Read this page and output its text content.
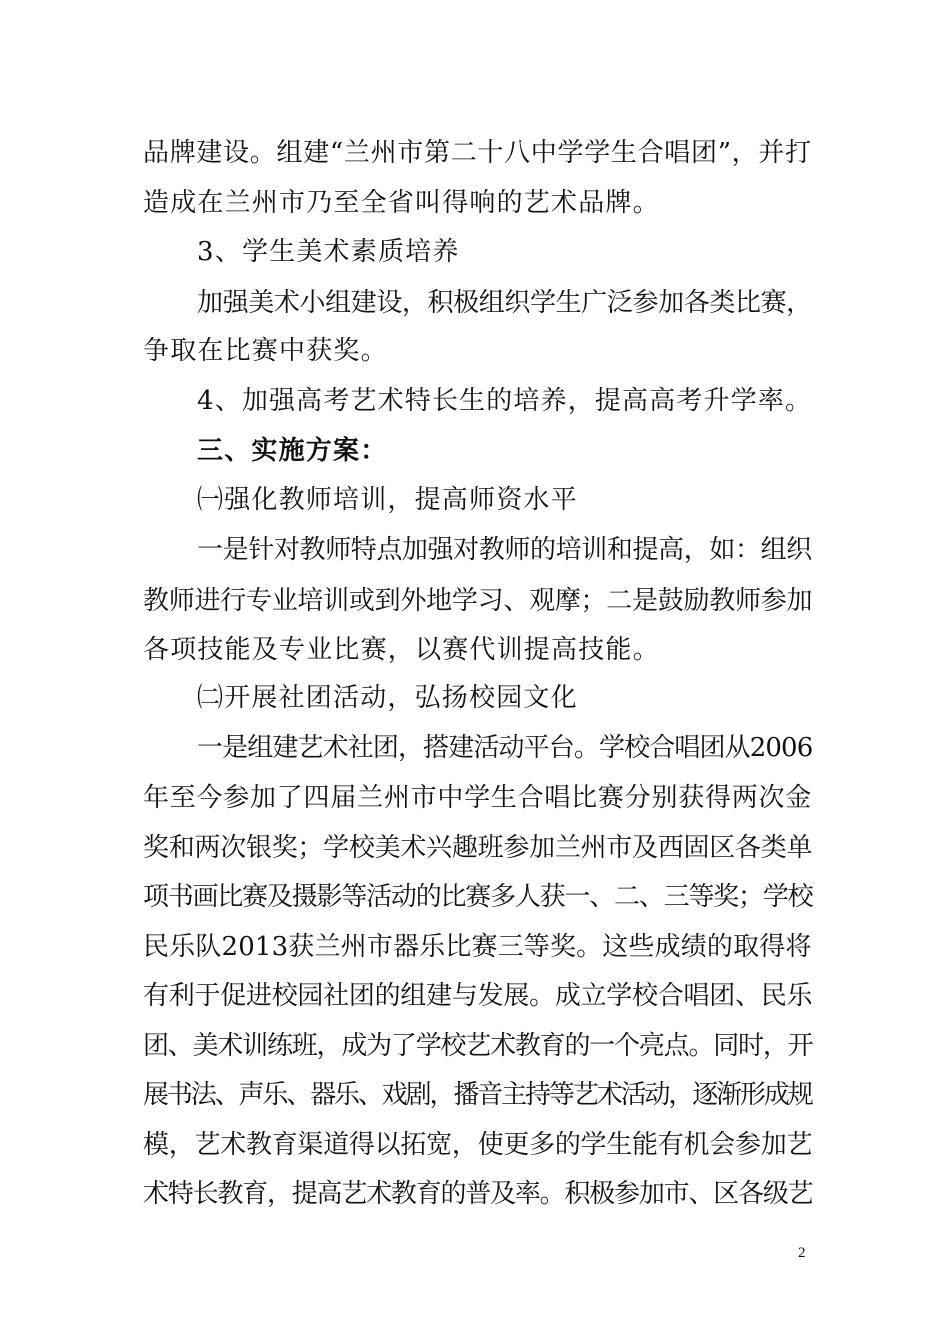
品牌建设。组建“兰州市第二十八中学学生合唱团”，并打
造成在兰州市乃至全省叫得响的艺术品牌。
3、学生美术素质培养
加强美术小组建设，积极组织学生广泛参加各类比赛，
争取在比赛中获奖。
4、加强高考艺术特长生的培养，提高高考升学率。
三、实施方案：
㈠强化教师培训，提高师资水平
一是针对教师特点加强对教师的培训和提高，如：组织
教师进行专业培训或到外地学习、观摩；二是鼓励教师参加
各项技能及专业比赛，以赛代训提高技能。
㈡开展社团活动，弘扬校园文化
一是组建艺术社团，搭建活动平台。学校合唱团从2006
年至今参加了四届兰州市中学生合唱比赛分别获得两次金
奖和两次银奖；学校美术兴趣班参加兰州市及西固区各类单
项书画比赛及摄影等活动的比赛多人获一、二、三等奖；学校
民乐队2013获兰州市器乐比赛三等奖。这些成绩的取得将
有利于促进校园社团的组建与发展。成立学校合唱团、民乐
团、美术训练班，成为了学校艺术教育的一个亮点。同时，开
展书法、声乐、器乐、戏剧，播音主持等艺术活动，逐渐形成规
模，艺术教育渠道得以拓宽，使更多的学生能有机会参加艺
术特长教育，提高艺术教育的普及率。积极参加市、区各级艺
2
